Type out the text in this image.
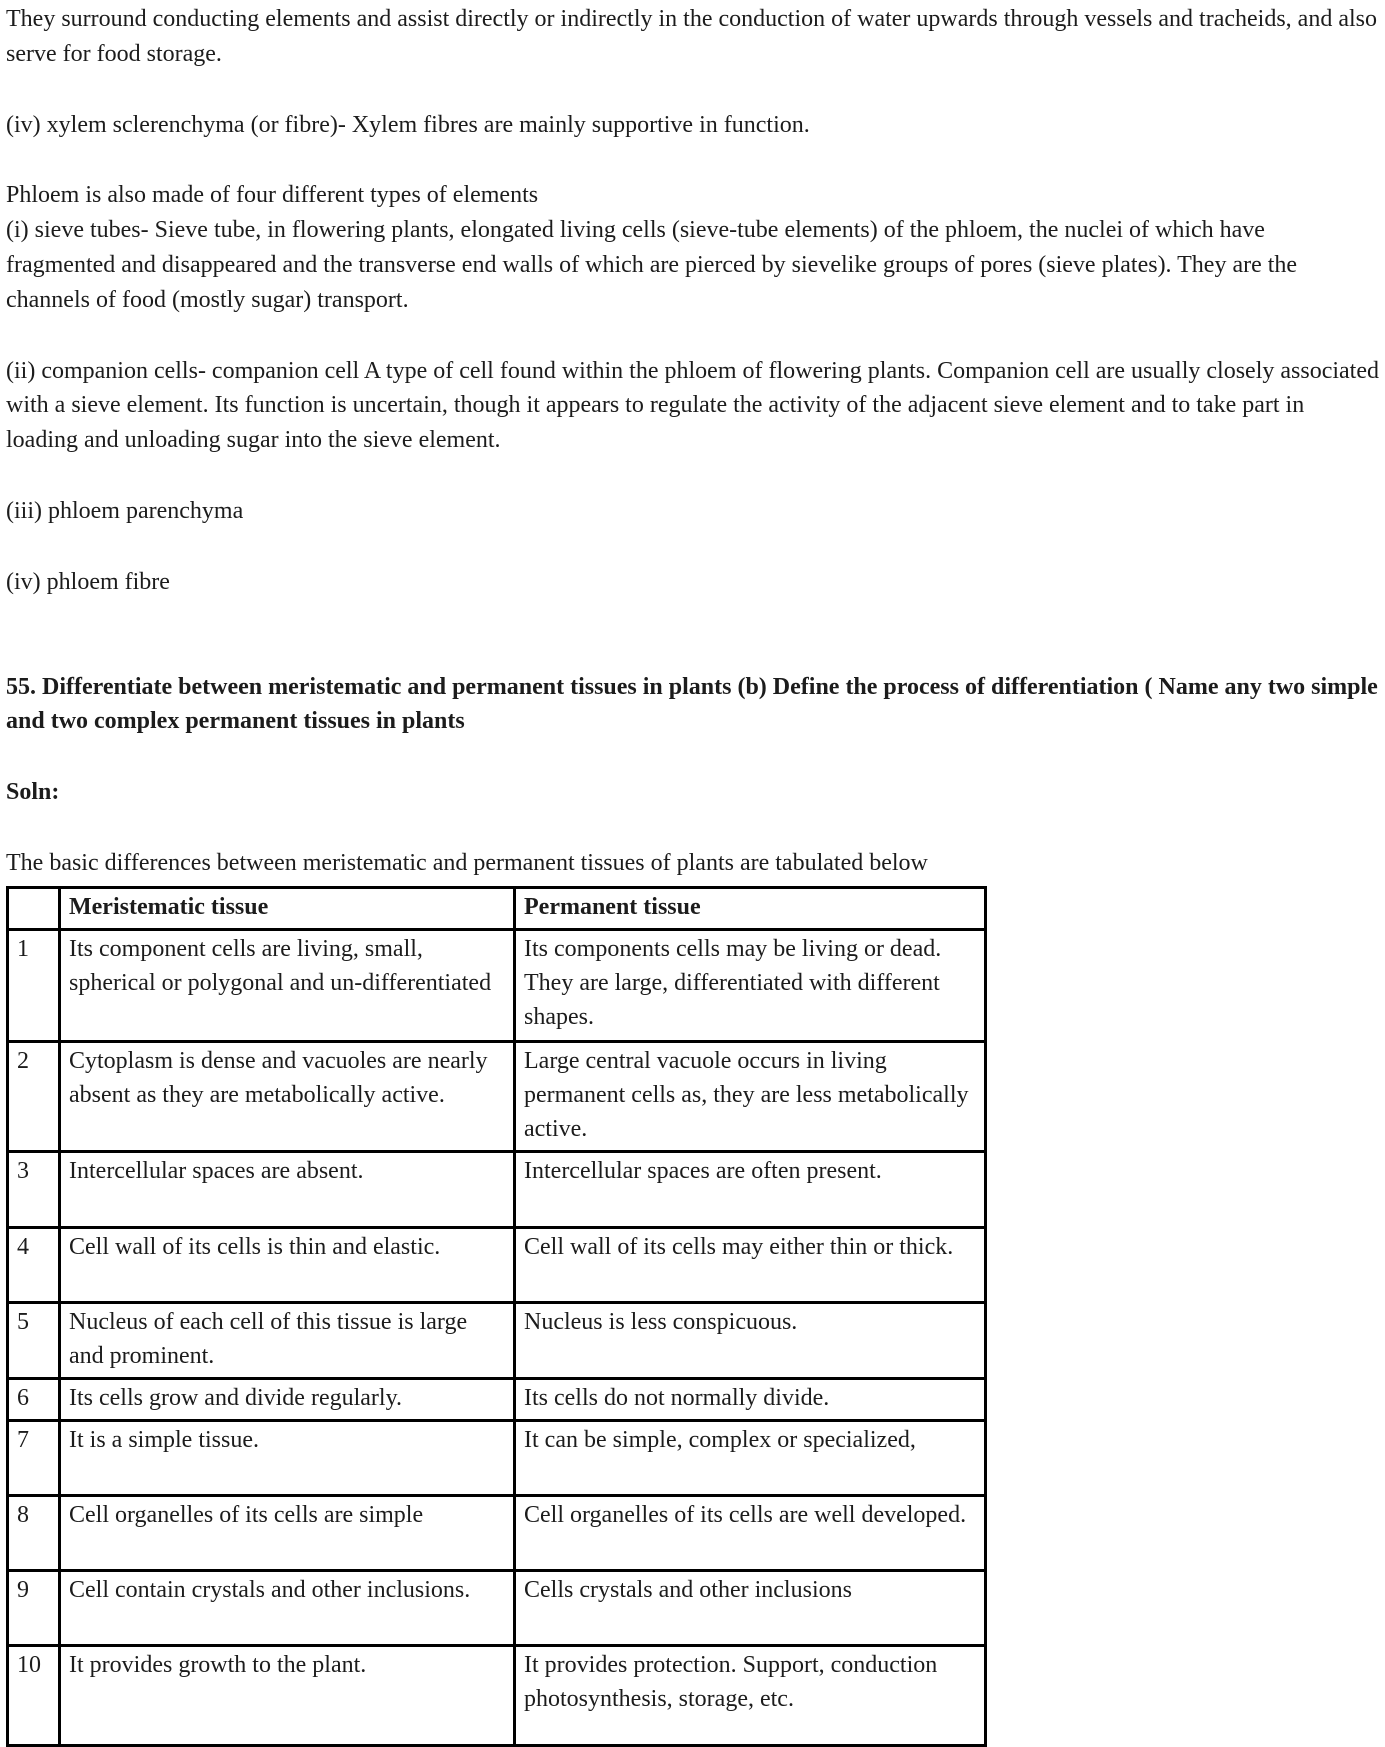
They surround conducting elements and assist directly or indirectly in the conduction of water upwards through vessels and tracheids, and also serve for food storage.

(iv) xylem sclerenchyma (or fibre)- Xylem fibres are mainly supportive in function.

Phloem is also made of four different types of elements
(i) sieve tubes- Sieve tube, in flowering plants, elongated living cells (sieve-tube elements) of the phloem, the nuclei of which have fragmented and disappeared and the transverse end walls of which are pierced by sievelike groups of pores (sieve plates). They are the channels of food (mostly sugar) transport.

(ii) companion cells- companion cell A type of cell found within the phloem of flowering plants. Companion cell are usually closely associated with a sieve element. Its function is uncertain, though it appears to regulate the activity of the adjacent sieve element and to take part in loading and unloading sugar into the sieve element.

(iii) phloem parenchyma

(iv) phloem fibre

55. Differentiate between meristematic and permanent tissues in plants (b) Define the process of differentiation ( Name any two simple and two complex permanent tissues in plants

Soln:

The basic differences between meristematic and permanent tissues of plants are tabulated below

	Meristematic tissue	Permanent tissue
1	Its component cells are living, small, spherical or polygonal and un-differentiated	Its components cells may be living or dead. They are large, differentiated with different shapes.
2	Cytoplasm is dense and vacuoles are nearly absent as they are metabolically active.	Large central vacuole occurs in living permanent cells as, they are less metabolically active.
3	Intercellular spaces are absent.	Intercellular spaces are often present.
4	Cell wall of its cells is thin and elastic.	Cell wall of its cells may either thin or thick.
5	Nucleus of each cell of this tissue is large and prominent.	Nucleus is less conspicuous.
6	Its cells grow and divide regularly.	Its cells do not normally divide.
7	It is a simple tissue.	It can be simple, complex or specialized,
8	Cell organelles of its cells are simple	Cell organelles of its cells are well developed.
9	Cell contain crystals and other inclusions.	Cells crystals and other inclusions
10	It provides growth to the plant.	It provides protection. Support, conduction photosynthesis, storage, etc.
